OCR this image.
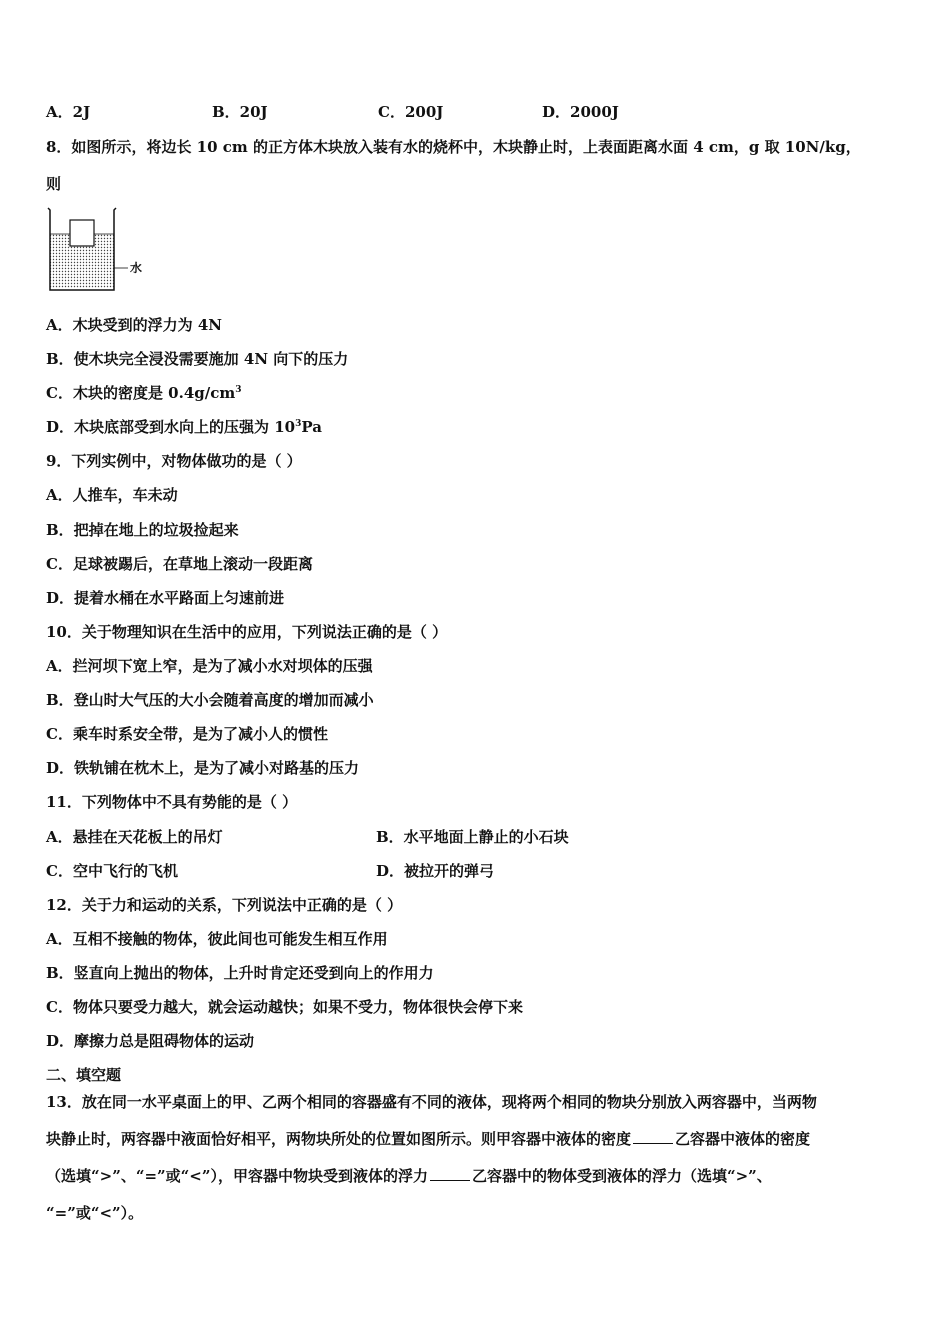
A．2J	B．20J	C．200J	D．2000J
8．如图所示，将边长 10 cm 的正方体木块放入装有水的烧杯中，木块静止时，上表面距离水面 4 cm，g 取 10N/kg，
则
水
A．木块受到的浮力为 4N
B．使木块完全浸没需要施加 4N 向下的压力
C．木块的密度是 $0.4g/cm^3$
D．木块底部受到水向上的压强为 $10^3Pa$
9．下列实例中，对物体做功的是（ ）
A．人推车，车未动
B．把掉在地上的垃圾捡起来
C．足球被踢后，在草地上滚动一段距离
D．提着水桶在水平路面上匀速前进
10．关于物理知识在生活中的应用，下列说法正确的是（ ）
A．拦河坝下宽上窄，是为了减小水对坝体的压强
B．登山时大气压的大小会随着高度的增加而减小
C．乘车时系安全带，是为了减小人的惯性
D．铁轨铺在枕木上，是为了减小对路基的压力
11．下列物体中不具有势能的是（ ）
A．悬挂在天花板上的吊灯	B．水平地面上静止的小石块
C．空中飞行的飞机	D．被拉开的弹弓
12．关于力和运动的关系，下列说法中正确的是（ ）
A．互相不接触的物体，彼此间也可能发生相互作用
B．竖直向上抛出的物体，上升时肯定还受到向上的作用力
C．物体只要受力越大，就会运动越快；如果不受力，物体很快会停下来
D．摩擦力总是阻碍物体的运动
二、填空题
13．放在同一水平桌面上的甲、乙两个相同的容器盛有不同的液体，现将两个相同的物块分别放入两容器中，当两物
块静止时，两容器中液面恰好相平，两物块所处的位置如图所示。则甲容器中液体的密度	乙容器中液体的密度
（选填“>”、“=”或“<”），甲容器中物块受到液体的浮力	乙容器中的物体受到液体的浮力（选填“>”、
“=”或“<”）。
